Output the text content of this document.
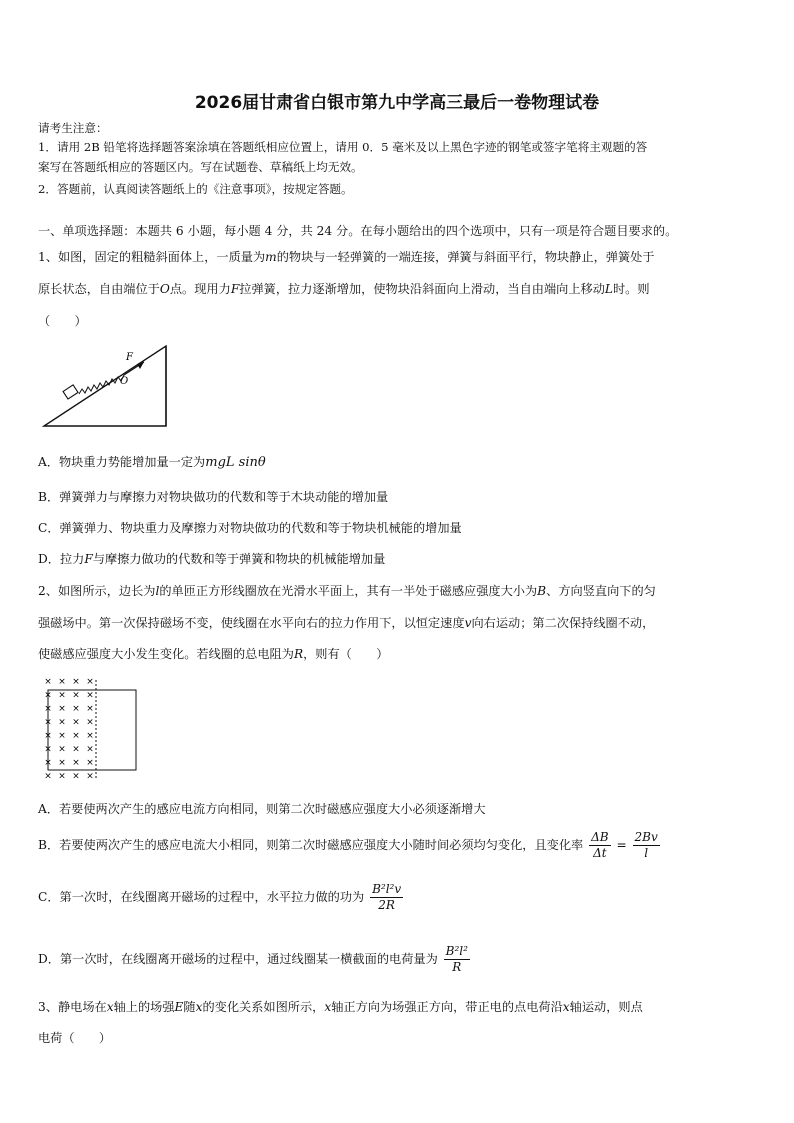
2026届甘肃省白银市第九中学高三最后一卷物理试卷
请考生注意：
1．请用 2B 铅笔将选择题答案涂填在答题纸相应位置上，请用 0．5 毫米及以上黑色字迹的钢笔或签字笔将主观题的答
案写在答题纸相应的答题区内。写在试题卷、草稿纸上均无效。
2．答题前，认真阅读答题纸上的《注意事项》，按规定答题。
一、单项选择题：本题共 6 小题，每小题 4 分，共 24 分。在每小题给出的四个选项中，只有一项是符合题目要求的。
1、如图，固定的粗糙斜面体上，一质量为m的物块与一轻弹簧的一端连接，弹簧与斜面平行，物块静止，弹簧处于
原长状态，自由端位于O点。现用力F拉弹簧，拉力逐渐增加，使物块沿斜面向上滑动，当自由端向上移动L时。则
（　　）
F
O
A．物块重力势能增加量一定为mgL sinθ
B．弹簧弹力与摩擦力对物块做功的代数和等于木块动能的增加量
C．弹簧弹力、物块重力及摩擦力对物块做功的代数和等于物块机械能的增加量
D．拉力F与摩擦力做功的代数和等于弹簧和物块的机械能增加量
2、如图所示，边长为l的单匝正方形线圈放在光滑水平面上，其有一半处于磁感应强度大小为B、方向竖直向下的匀
强磁场中。第一次保持磁场不变，使线圈在水平向右的拉力作用下，以恒定速度v向右运动；第二次保持线圈不动，
使磁感应强度大小发生变化。若线圈的总电阻为R，则有（　　）
× × × ×
× × × ×
× × × ×
× × × ×
× × × ×
× × × ×
× × × ×
× × × ×
A．若要使两次产生的感应电流方向相同，则第二次时磁感应强度大小必须逐渐增大
B．若要使两次产生的感应电流大小相同，则第二次时磁感应强度大小随时间必须均匀变化，且变化率 $\frac{\Delta B}{\Delta t} = \frac{2Bv}{l}$
C．第一次时，在线圈离开磁场的过程中，水平拉力做的功为 $\frac{\text{B²l²v}}{2R}$
D．第一次时，在线圈离开磁场的过程中，通过线圈某一横截面的电荷量为 $\frac{\text{B²l²}}{R}$
3、静电场在x轴上的场强E随x的变化关系如图所示，x轴正方向为场强正方向，带正电的点电荷沿x轴运动，则点
电荷（　　）
